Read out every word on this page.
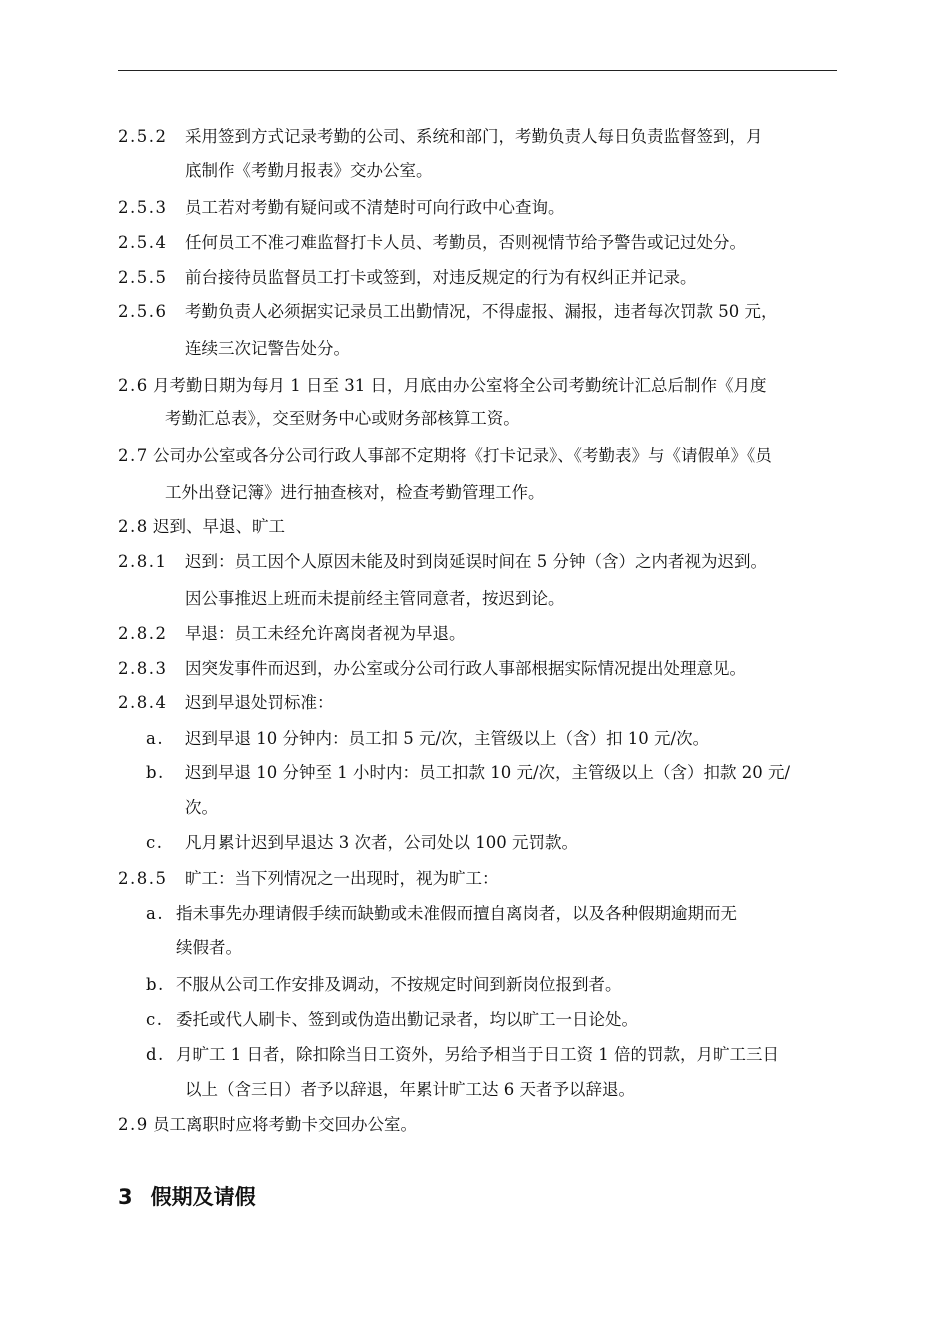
2.5.2 采用签到方式记录考勤的公司、系统和部门，考勤负责人每日负责监督签到，月
底制作《考勤月报表》交办公室。
2.5.3 员工若对考勤有疑问或不清楚时可向行政中心查询。
2.5.4 任何员工不准刁难监督打卡人员、考勤员，否则视情节给予警告或记过处分。
2.5.5 前台接待员监督员工打卡或签到，对违反规定的行为有权纠正并记录。
2.5.6 考勤负责人必须据实记录员工出勤情况，不得虚报、漏报，违者每次罚款 50 元，
连续三次记警告处分。
2.6 月考勤日期为每月 1 日至 31 日，月底由办公室将全公司考勤统计汇总后制作《月度
考勤汇总表》，交至财务中心或财务部核算工资。
2.7 公司办公室或各分公司行政人事部不定期将《打卡记录》、《考勤表》与《请假单》《员
工外出登记簿》进行抽查核对，检查考勤管理工作。
2.8 迟到、早退、旷工
2.8.1 迟到：员工因个人原因未能及时到岗延误时间在 5 分钟（含）之内者视为迟到。
因公事推迟上班而未提前经主管同意者，按迟到论。
2.8.2 早退：员工未经允许离岗者视为早退。
2.8.3 因突发事件而迟到，办公室或分公司行政人事部根据实际情况提出处理意见。
2.8.4 迟到早退处罚标准：
a. 迟到早退 10 分钟内：员工扣 5 元/次，主管级以上（含）扣 10 元/次。
b. 迟到早退 10 分钟至 1 小时内：员工扣款 10 元/次，主管级以上（含）扣款 20 元/
次。
c. 凡月累计迟到早退达 3 次者，公司处以 100 元罚款。
2.8.5 旷工：当下列情况之一出现时，视为旷工：
a. 指未事先办理请假手续而缺勤或未准假而擅自离岗者，以及各种假期逾期而无
续假者。
b. 不服从公司工作安排及调动，不按规定时间到新岗位报到者。
c. 委托或代人刷卡、签到或伪造出勤记录者，均以旷工一日论处。
d. 月旷工 1 日者，除扣除当日工资外，另给予相当于日工资 1 倍的罚款，月旷工三日
以上（含三日）者予以辞退，年累计旷工达 6 天者予以辞退。
2.9 员工离职时应将考勤卡交回办公室。
3 假期及请假
